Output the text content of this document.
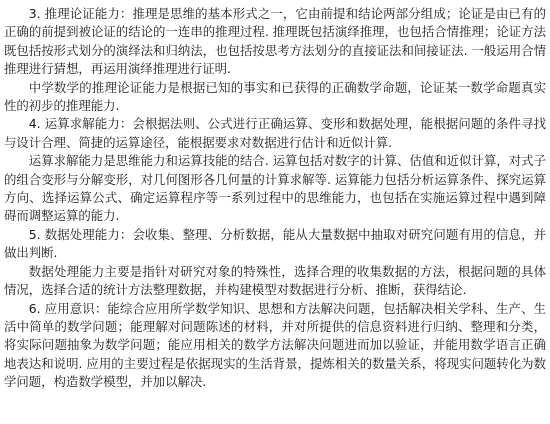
3. 推理论证能力：推理是思维的基本形式之一，它由前提和结论两部分组成；论证是由已有的正确的前提到被论证的结论的一连串的推理过程. 推理既包括演绎推理，也包括合情推理；论证方法既包括按形式划分的演绎法和归纳法，也包括按思考方法划分的直接证法和间接证法. 一般运用合情推理进行猜想，再运用演绎推理进行证明.

中学数学的推理论证能力是根据已知的事实和已获得的正确数学命题，论证某一数学命题真实性的初步的推理能力.

4. 运算求解能力：会根据法则、公式进行正确运算、变形和数据处理，能根据问题的条件寻找与设计合理、简捷的运算途径，能根据要求对数据进行估计和近似计算.

运算求解能力是思维能力和运算技能的结合. 运算包括对数字的计算、估值和近似计算，对式子的组合变形与分解变形，对几何图形各几何量的计算求解等. 运算能力包括分析运算条件、探究运算方向、选择运算公式、确定运算程序等一系列过程中的思维能力，也包括在实施运算过程中遇到障碍而调整运算的能力.

5. 数据处理能力：会收集、整理、分析数据，能从大量数据中抽取对研究问题有用的信息，并做出判断.

数据处理能力主要是指针对研究对象的特殊性，选择合理的收集数据的方法，根据问题的具体情况，选择合适的统计方法整理数据，并构建模型对数据进行分析、推断，获得结论.

6. 应用意识：能综合应用所学数学知识、思想和方法解决问题，包括解决相关学科、生产、生活中简单的数学问题；能理解对问题陈述的材料，并对所提供的信息资料进行归纳、整理和分类，将实际问题抽象为数学问题；能应用相关的数学方法解决问题进而加以验证，并能用数学语言正确地表达和说明. 应用的主要过程是依据现实的生活背景，提炼相关的数量关系，将现实问题转化为数学问题，构造数学模型，并加以解决.
